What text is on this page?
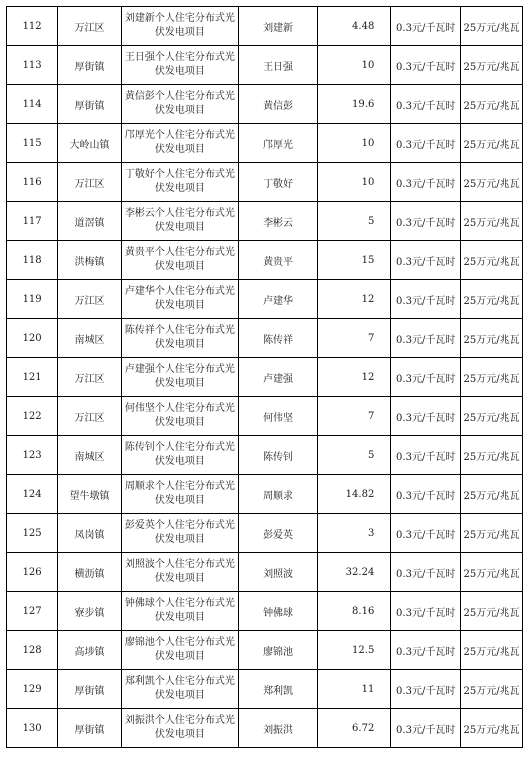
112	万江区	刘建新个人住宅分布式光伏发电项目	刘建新	4.48	0.3元/千瓦时	25万元/兆瓦
113	厚街镇	王日强个人住宅分布式光伏发电项目	王日强	10	0.3元/千瓦时	25万元/兆瓦
114	厚街镇	黄信彭个人住宅分布式光伏发电项目	黄信彭	19.6	0.3元/千瓦时	25万元/兆瓦
115	大岭山镇	邝厚光个人住宅分布式光伏发电项目	邝厚光	10	0.3元/千瓦时	25万元/兆瓦
116	万江区	丁敬好个人住宅分布式光伏发电项目	丁敬好	10	0.3元/千瓦时	25万元/兆瓦
117	道滘镇	李彬云个人住宅分布式光伏发电项目	李彬云	5	0.3元/千瓦时	25万元/兆瓦
118	洪梅镇	黄贵平个人住宅分布式光伏发电项目	黄贵平	15	0.3元/千瓦时	25万元/兆瓦
119	万江区	卢建华个人住宅分布式光伏发电项目	卢建华	12	0.3元/千瓦时	25万元/兆瓦
120	南城区	陈传祥个人住宅分布式光伏发电项目	陈传祥	7	0.3元/千瓦时	25万元/兆瓦
121	万江区	卢建强个人住宅分布式光伏发电项目	卢建强	12	0.3元/千瓦时	25万元/兆瓦
122	万江区	何伟坚个人住宅分布式光伏发电项目	何伟坚	7	0.3元/千瓦时	25万元/兆瓦
123	南城区	陈传钊个人住宅分布式光伏发电项目	陈传钊	5	0.3元/千瓦时	25万元/兆瓦
124	望牛墩镇	周顺求个人住宅分布式光伏发电项目	周顺求	14.82	0.3元/千瓦时	25万元/兆瓦
125	凤岗镇	彭爱英个人住宅分布式光伏发电项目	彭爱英	3	0.3元/千瓦时	25万元/兆瓦
126	横沥镇	刘照波个人住宅分布式光伏发电项目	刘照波	32.24	0.3元/千瓦时	25万元/兆瓦
127	寮步镇	钟佛球个人住宅分布式光伏发电项目	钟佛球	8.16	0.3元/千瓦时	25万元/兆瓦
128	高埗镇	廖锦池个人住宅分布式光伏发电项目	廖锦池	12.5	0.3元/千瓦时	25万元/兆瓦
129	厚街镇	郑利凯个人住宅分布式光伏发电项目	郑利凯	11	0.3元/千瓦时	25万元/兆瓦
130	厚街镇	刘振洪个人住宅分布式光伏发电项目	刘振洪	6.72	0.3元/千瓦时	25万元/兆瓦
